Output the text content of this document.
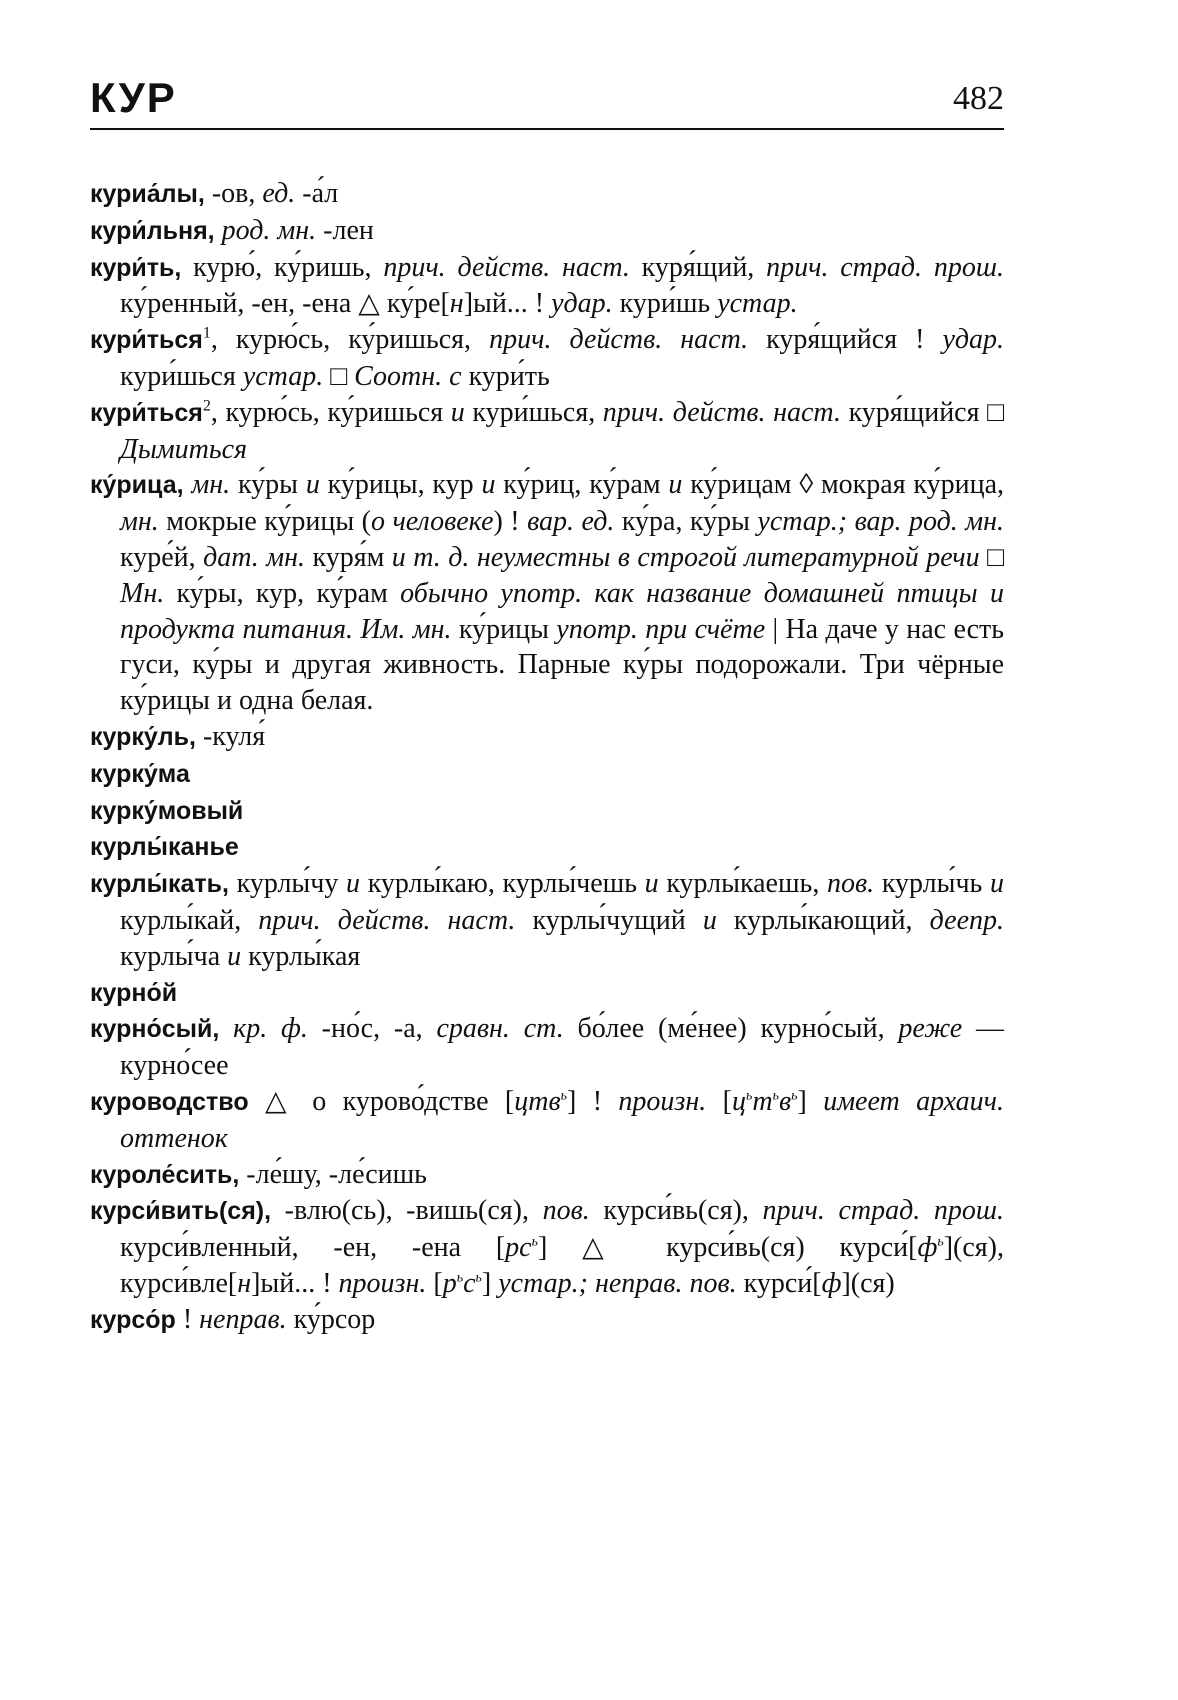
КУР	482
куриа́лы, -ов, ед. -а́л
кури́льня, род. мн. -лен
кури́ть, курю́, ку́ришь, прич. действ. наст. куря́щий, прич. страд. прош. ку́ренный, -ен, -ена △ ку́ре[н]ый... ! удар. кури́шь устар.
кури́ться$^1$, курю́сь, ку́ришься, прич. действ. наст. куря́щийся ! удар. кури́шься устар. □ Соотн. с кури́ть
кури́ться$^2$, курю́сь, ку́ришься и кури́шься, прич. действ. наст. куря́щийся □ Дымиться
ку́рица, мн. ку́ры и ку́рицы, кур и ку́риц, ку́рам и ку́рицам ◊ мокрая ку́рица, мн. мокрые ку́рицы (о человеке) ! вар. ед. ку́ра, ку́ры устар.; вар. род. мн. куре́й, дат. мн. куря́м и т. д. неуместны в строгой литературной речи □ Мн. ку́ры, кур, ку́рам обычно употр. как название домашней птицы и продукта питания. Им. мн. ку́рицы употр. при счёте | На даче у нас есть гуси, ку́ры и другая живность. Парные ку́ры подорожали. Три чёрные ку́рицы и одна белая.
курку́ль, -куля́
курку́ма
курку́мовый
курлы́канье
курлы́кать, курлы́чу и курлы́каю, курлы́чешь и курлы́каешь, пов. курлы́чь и курлы́кай, прич. действ. наст. курлы́чущий и курлы́кающий, деепр. курлы́ча и курлы́кая
курно́й
курно́сый, кр. ф. -но́с, -а, сравн. ст. бо́лее (ме́нее) курно́сый, реже — курно́сее
куроводство △ о курово́дстве [цтв$^ь$] ! произн. $[ц^ьт^ьв^ь]$ имеет архаич. оттенок
куроле́сить, -ле́шу, -ле́сишь
курси́вить(ся), -влю(сь), -вишь(ся), пов. курси́вь(ся), прич. страд. прош. курси́вленный, -ен, -ена $[рс^ь]$ △ курси́вь(ся) $курси́[ф^ь](ся)$, курси́вле[н]ый... ! произн. $[р^ьс^ь]$ устар.; неправ. пов. курси́[ф](ся)
курсо́р ! неправ. ку́рсор
